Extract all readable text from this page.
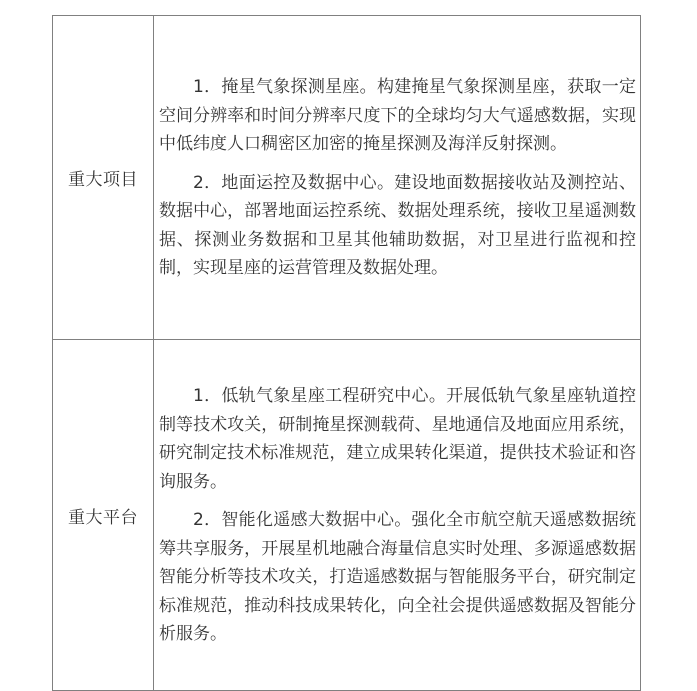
重大项目	1．掩星气象探测星座。构建掩星气象探测星座，获取一定空间分辨率和时间分辨率尺度下的全球均匀大气遥感数据，实现中低纬度人口稠密区加密的掩星探测及海洋反射探测。

2．地面运控及数据中心。建设地面数据接收站及测控站、数据中心，部署地面运控系统、数据处理系统，接收卫星遥测数据、探测业务数据和卫星其他辅助数据，对卫星进行监视和控制，实现星座的运营管理及数据处理。

重大平台	1．低轨气象星座工程研究中心。开展低轨气象星座轨道控制等技术攻关，研制掩星探测载荷、星地通信及地面应用系统，研究制定技术标准规范，建立成果转化渠道，提供技术验证和咨询服务。

2．智能化遥感大数据中心。强化全市航空航天遥感数据统筹共享服务，开展星机地融合海量信息实时处理、多源遥感数据智能分析等技术攻关，打造遥感数据与智能服务平台，研究制定标准规范，推动科技成果转化，向全社会提供遥感数据及智能分析服务。
